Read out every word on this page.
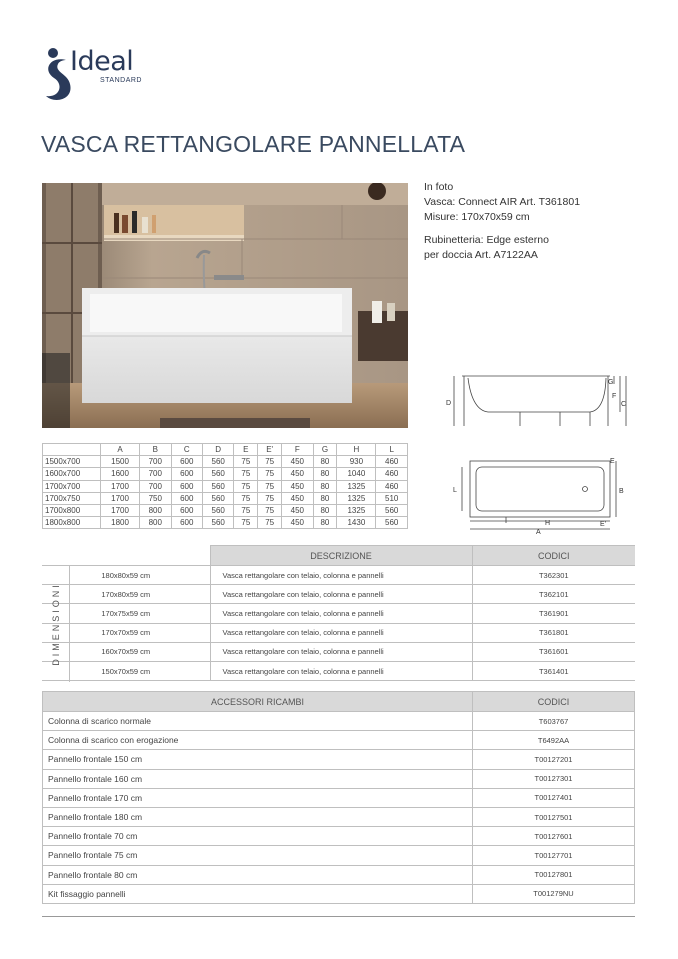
Ideal
STANDARD
VASCA RETTANGOLARE PANNELLATA
In foto
Vasca: Connect AIR Art. T361801
Misure: 170x70x59 cm
Rubinetteria: Edge esterno
per doccia Art. A7122AA
D
G
F
C
E
B
L
H	E'
A
	A	B	C	D	E	E'	F	G	H	L
1500x700	1500	700	600	560	75	75	450	80	930	460
1600x700	1600	700	600	560	75	75	450	80	1040	460
1700x700	1700	700	600	560	75	75	450	80	1325	460
1700x750	1700	750	600	560	75	75	450	80	1325	510
1700x800	1700	800	600	560	75	75	450	80	1325	560
1800x800	1800	800	600	560	75	75	450	80	1430	560
	DESCRIZIONE	CODICI
180x80x59 cm	Vasca rettangolare con telaio, colonna e pannelli	T362301
170x80x59 cm	Vasca rettangolare con telaio, colonna e pannelli	T362101
170x75x59 cm	Vasca rettangolare con telaio, colonna e pannelli	T361901
170x70x59 cm	Vasca rettangolare con telaio, colonna e pannelli	T361801
160x70x59 cm	Vasca rettangolare con telaio, colonna e pannelli	T361601
150x70x59 cm	Vasca rettangolare con telaio, colonna e pannelli	T361401
DIMENSIONI
ACCESSORI RICAMBI	CODICI
Colonna di scarico normale	T603767
Colonna di scarico con erogazione	T6492AA
Pannello frontale 150 cm	T00127201
Pannello frontale 160 cm	T00127301
Pannello frontale 170 cm	T00127401
Pannello frontale 180 cm	T00127501
Pannello frontale 70 cm	T00127601
Pannello frontale 75 cm	T00127701
Pannello frontale 80 cm	T00127801
Kit fissaggio pannelli	T001279NU
